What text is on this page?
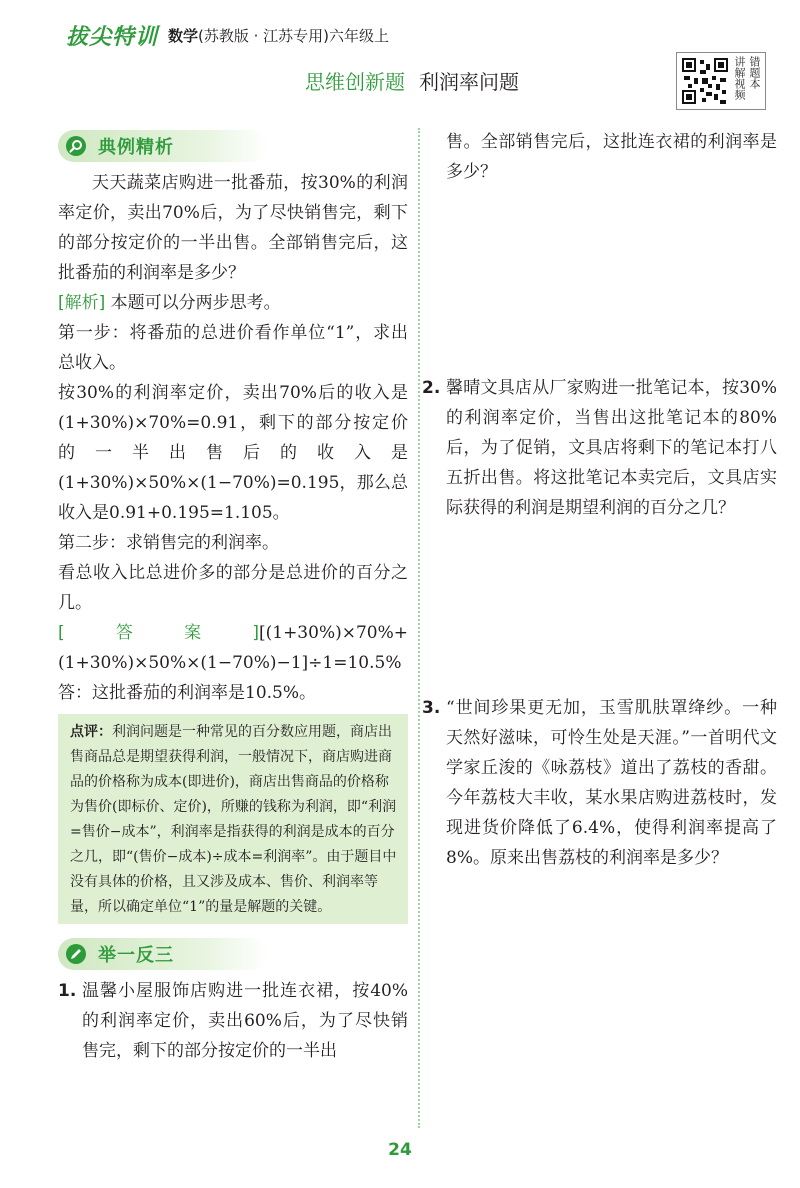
拔尖特训 数学(苏教版 · 江苏专用)六年级上
思维创新题 利润率问题	讲解视频 错题本
典例精析

天天蔬菜店购进一批番茄，按30%的利润率定价，卖出70%后，为了尽快销售完，剩下的部分按定价的一半出售。全部销售完后，这批番茄的利润率是多少？

[解析] 本题可以分两步思考。

第一步：将番茄的总进价看作单位“1”，求出总收入。

按30%的利润率定价，卖出70%后的收入是(1+30%)×70%=0.91，剩下的部分按定价的一半出售后的收入是(1+30%)×50%×(1−70%)=0.195，那么总收入是0.91+0.195=1.105。

第二步：求销售完的利润率。

看总收入比总进价多的部分是总进价的百分之几。

[答案][(1+30%)×70%+(1+30%)×50%×(1−70%)−1]÷1=10.5%

答：这批番茄的利润率是10.5%。

点评：利润问题是一种常见的百分数应用题，商店出售商品总是期望获得利润，一般情况下，商店购进商品的价格称为成本(即进价)，商店出售商品的价格称为售价(即标价、定价)，所赚的钱称为利润，即“利润=售价−成本”，利润率是指获得的利润是成本的百分之几，即“(售价−成本)÷成本=利润率”。由于题目中没有具体的价格，且又涉及成本、售价、利润率等量，所以确定单位“1”的量是解题的关键。
举一反三
1. 温馨小屋服饰店购进一批连衣裙，按40%的利润率定价，卖出60%后，为了尽快销售完，剩下的部分按定价的一半出
售。全部销售完后，这批连衣裙的利润率是多少？
2. 馨晴文具店从厂家购进一批笔记本，按30%的利润率定价，当售出这批笔记本的80%后，为了促销，文具店将剩下的笔记本打八五折出售。将这批笔记本卖完后，文具店实际获得的利润是期望利润的百分之几？
3. “世间珍果更无加，玉雪肌肤罩绛纱。一种天然好滋味，可怜生处是天涯。”一首明代文学家丘浚的《咏荔枝》道出了荔枝的香甜。今年荔枝大丰收，某水果店购进荔枝时，发现进货价降低了6.4%，使得利润率提高了8%。原来出售荔枝的利润率是多少？
24
